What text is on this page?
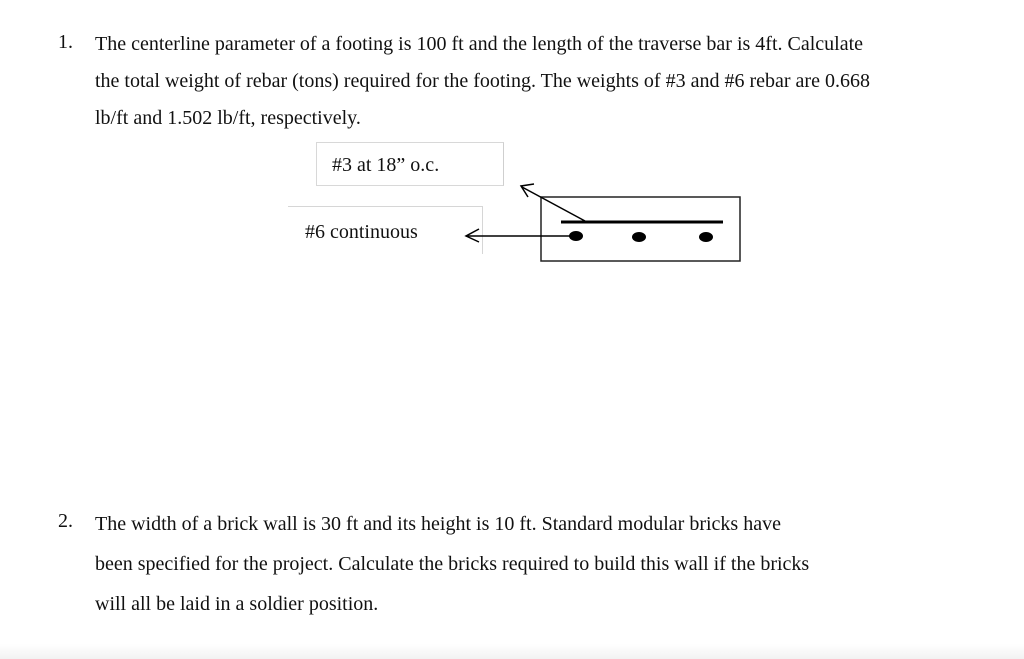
1. The centerline parameter of a footing is 100 ft and the length of the traverse bar is 4ft. Calculate
the total weight of rebar (tons) required for the footing. The weights of #3 and #6 rebar are 0.668
lb/ft and 1.502 lb/ft, respectively.
#3 at 18” o.c.
#6 continuous
2. The width of a brick wall is 30 ft and its height is 10 ft. Standard modular bricks have
been specified for the project. Calculate the bricks required to build this wall if the bricks
will all be laid in a soldier position.
